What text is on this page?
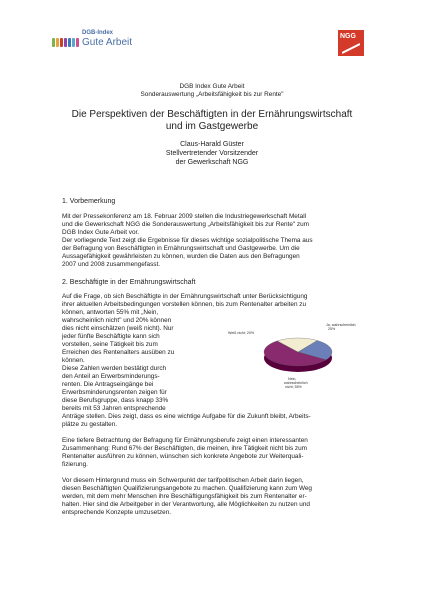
DGB-Index
Gute Arbeit
NGG
DGB Index Gute Arbeit
Sonderauswertung „Arbeitsfähigkeit bis zur Rente"
Die Perspektiven der Beschäftigten in der Ernährungswirtschaft
und im Gastgewerbe
Claus-Harald Güster
Stellvertretender Vorsitzender
der Gewerkschaft NGG
1. Vorbemerkung
Mit der Pressekonferenz am 18. Februar 2009 stellen die Industriegewerkschaft Metall
und die Gewerkschaft NGG die Sonderauswertung „Arbeitsfähigkeit bis zur Rente" zum
DGB Index Gute Arbeit vor.
Der vorliegende Text zeigt die Ergebnisse für dieses wichtige sozialpolitische Thema aus
der Befragung von Beschäftigten in Ernährungswirtschaft und Gastgewerbe. Um die
Aussagefähigkeit gewährleisten zu können, wurden die Daten aus den Befragungen
2007 und 2008 zusammengefasst.
2. Beschäftigte in der Ernährungswirtschaft
Auf die Frage, ob sich Beschäftigte in der Ernährungswirtschaft unter Berücksichtigung
ihrer aktuellen Arbeitsbedingungen vorstellen können, bis zum Rentenalter arbeiten zu
können, antworten 55% mit „Nein,
wahrscheinlich nicht" und 20% können
dies nicht einschätzen (weiß nicht). Nur
jeder fünfte Beschäftigte kann sich
vorstellen, seine Tätigkeit bis zum
Erreichen des Rentenalters ausüben zu
können.
Diese Zahlen werden bestätigt durch
den Anteil an Erwerbsminderungs-
renten. Die Antragseingänge bei
Erwerbsminderungsrenten zeigen für
diese Berufsgruppe, dass knapp 33%
bereits mit 53 Jahren entsprechende
Anträge stellen. Dies zeigt, dass es eine wichtige Aufgabe für die Zukunft bleibt, Arbeits-
plätze zu gestalten.
Eine tiefere Betrachtung der Befragung für Ernährungsberufe zeigt einen interessanten
Zusammenhang: Rund 67% der Beschäftigten, die meinen, ihre Tätigkeit nicht bis zum
Rentenalter ausführen zu können, wünschen sich konkrete Angebote zur Weiterquali-
fizierung.
Vor diesem Hintergrund muss ein Schwerpunkt der tarifpolitischen Arbeit darin liegen,
diesen Beschäftigten Qualifizierungsangebote zu machen. Qualifizierung kann zum Weg
werden, mit dem mehr Menschen ihre Beschäftigungsfähigkeit bis zum Rentenalter er-
halten. Hier sind die Arbeitgeber in der Verantwortung, alle Möglichkeiten zu nutzen und
entsprechende Konzepte umzusetzen.
Weiß nicht; 20%
Ja, wahrscheinlich;
Nein,
wahrscheinlich
nicht; 55%
25%
